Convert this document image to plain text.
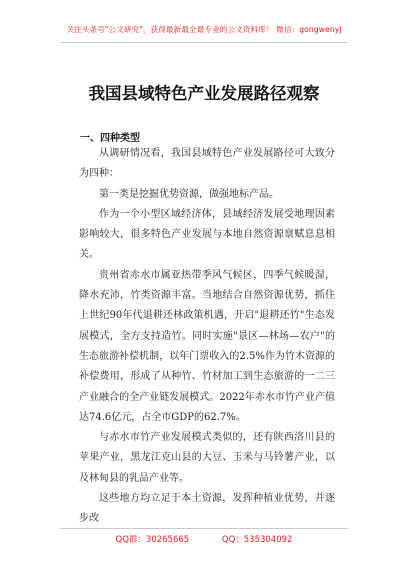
关注头条号"公文研究"，获得最新最全最专业的公文资料库！ 微信：gongwenyj
我国县域特色产业发展路径观察
一、四种类型

从调研情况看，我国县域特色产业发展路径可大致分为四种：

第一类是挖掘优势资源，做强地标产品。

作为一个小型区域经济体，县域经济发展受地理因素影响较大，很多特色产业发展与本地自然资源禀赋息息相关。

贵州省赤水市属亚热带季风气候区，四季气候暖湿，降水充沛，竹类资源丰富。当地结合自然资源优势，抓住上世纪90年代退耕还林政策机遇，开启"退耕还竹"生态发展模式，全方支持造竹。同时实施"景区—林场—农户"的生态旅游补偿机制，以年门票收入的2.5%作为竹木资源的补偿费用，形成了从种竹、竹材加工到生态旅游的一二三产业融合的全产业链发展模式。2022年赤水市竹产业产值达74.6亿元，占全市GDP的62.7%。

与赤水市竹产业发展模式类似的，还有陕西洛川县的苹果产业，黑龙江克山县的大豆、玉米与马铃薯产业，以及林甸县的乳品产业等。

这些地方均立足于本土资源，发挥种植业优势，并逐步改

QQ群：30265665	QQ：535304092
